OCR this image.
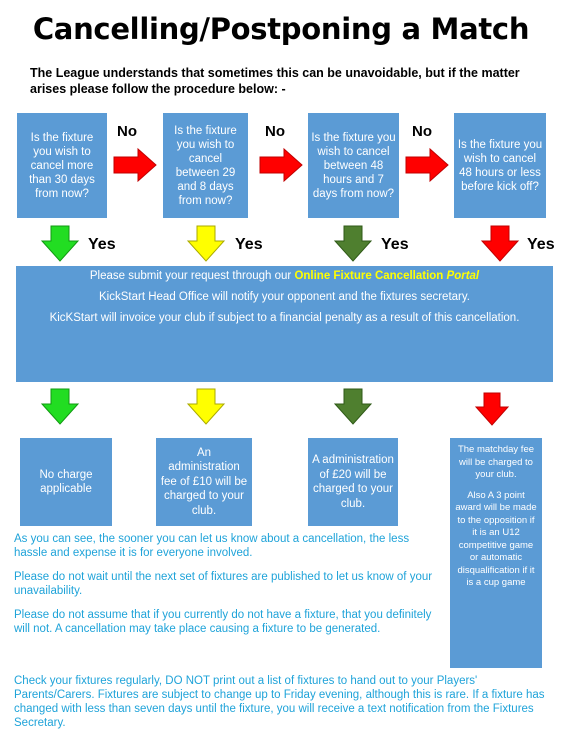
Cancelling/Postponing a Match
The League understands that sometimes this can be unavoidable, but if the matter arises please follow the procedure below: -
Is the fixture you wish to cancel more than 30 days from now?
Is the fixture you wish to cancel between 29 and 8 days from now?
Is the fixture you wish to cancel between 48 hours and 7 days from now?
Is the fixture you wish to cancel 48 hours or less before kick off?
No	No	No
Yes	Yes	Yes	Yes

Please submit your request through our Online Fixture Cancellation Portal

KickStart Head Office will notify your opponent and the fixtures secretary.

KicKStart will invoice your club if subject to a financial penalty as a result of this cancellation.

No charge applicable
An administration fee of £10 will be charged to your club.
A administration of £20 will be charged to your club.

The matchday fee will be charged to your club.

Also A 3 point award will be made to the opposition if it is an U12 competitive game or automatic disqualification if it is a cup game

As you can see, the sooner you can let us know about a cancellation, the less hassle and expense it is for everyone involved.

Please do not wait until the next set of fixtures are published to let us know of your unavailability.

Please do not assume that if you currently do not have a fixture, that you definitely will not. A cancellation may take place causing a fixture to be generated.

Check your fixtures regularly, DO NOT print out a list of fixtures to hand out to your Players' Parents/Carers. Fixtures are subject to change up to Friday evening, although this is rare. If a fixture has changed with less than seven days until the fixture, you will receive a text notification from the Fixtures Secretary.
